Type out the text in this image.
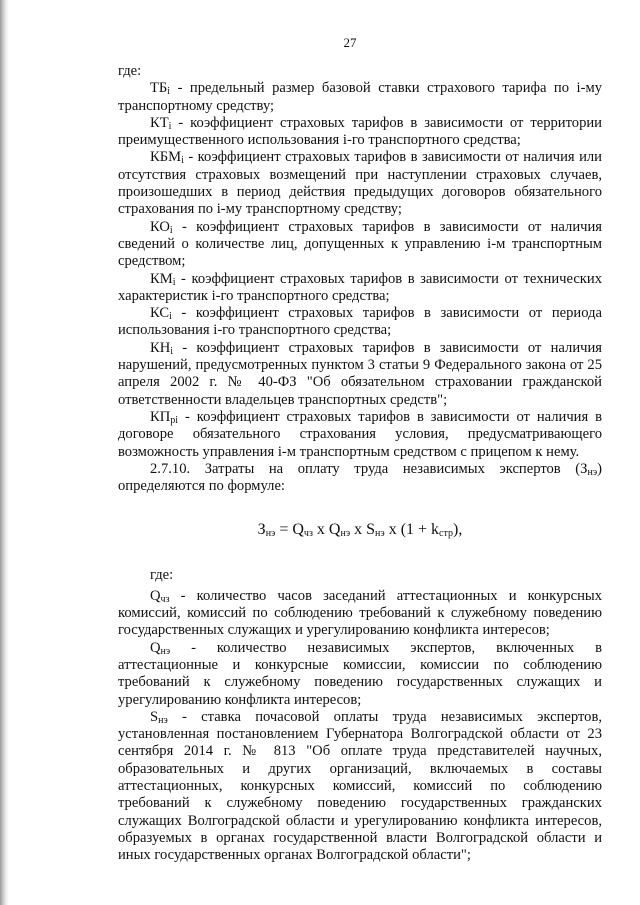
27

где:

$ТБ_i$ - предельный размер базовой ставки страхового тарифа по i-му транспортному средству;

$КТ_i$ - коэффициент страховых тарифов в зависимости от территории преимущественного использования i-го транспортного средства;

$КБМ_i$ - коэффициент страховых тарифов в зависимости от наличия или отсутствия страховых возмещений при наступлении страховых случаев, произошедших в период действия предыдущих договоров обязательного страхования по i-му транспортному средству;

$КО_i$ - коэффициент страховых тарифов в зависимости от наличия сведений о количестве лиц, допущенных к управлению i-м транспортным средством;

$КМ_i$ - коэффициент страховых тарифов в зависимости от технических характеристик i-го транспортного средства;

$КС_i$ - коэффициент страховых тарифов в зависимости от периода использования i-го транспортного средства;

$КН_i$ - коэффициент страховых тарифов в зависимости от наличия нарушений, предусмотренных пунктом 3 статьи 9 Федерального закона от 25 апреля 2002 г. № 40-ФЗ "Об обязательном страховании гражданской ответственности владельцев транспортных средств";

$КП_{рi}$ - коэффициент страховых тарифов в зависимости от наличия в договоре обязательного страхования условия, предусматривающего возможность управления i-м транспортным средством с прицепом к нему.

2.7.10. Затраты на оплату труда независимых экспертов $(З_{нэ})$ определяются по формуле:

$З_{нэ} = Q_{чз}$ х $Q_{нэ}$ х $S_{нэ}$ х $(1 + k_{стр})$,

где:

$Q_{чз}$ - количество часов заседаний аттестационных и конкурсных комиссий, комиссий по соблюдению требований к служебному поведению государственных служащих и урегулированию конфликта интересов;

$Q_{нэ}$ - количество независимых экспертов, включенных в аттестационные и конкурсные комиссии, комиссии по соблюдению требований к служебному поведению государственных служащих и урегулированию конфликта интересов;

$S_{нэ}$ - ставка почасовой оплаты труда независимых экспертов, установленная постановлением Губернатора Волгоградской области от 23 сентября 2014 г. № 813 "Об оплате труда представителей научных, образовательных и других организаций, включаемых в составы аттестационных, конкурсных комиссий, комиссий по соблюдению требований к служебному поведению государственных гражданских служащих Волгоградской области и урегулированию конфликта интересов, образуемых в органах государственной власти Волгоградской области и иных государственных органах Волгоградской области";
